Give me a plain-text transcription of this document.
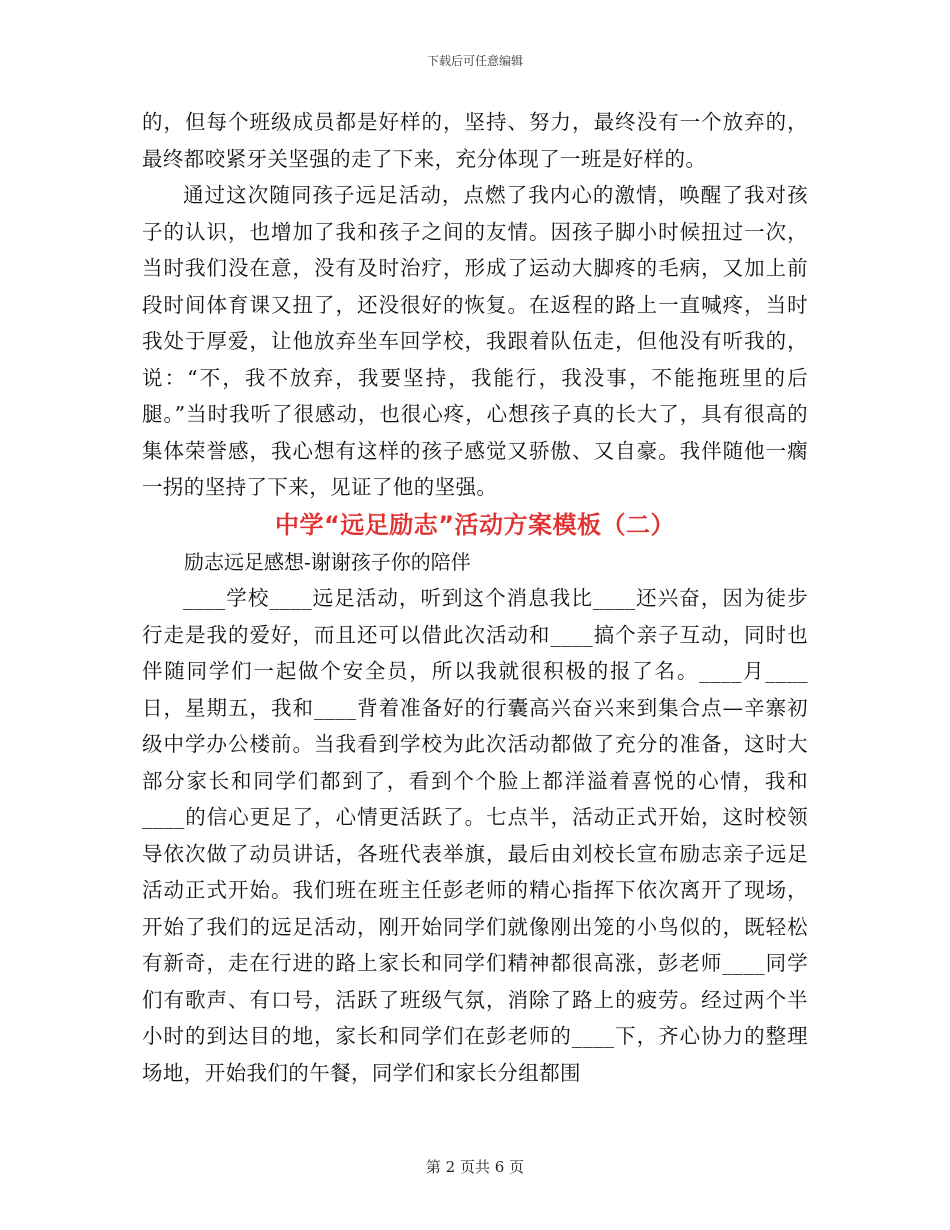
下载后可任意编辑

的，但每个班级成员都是好样的，坚持、努力，最终没有一个放弃的，最终都咬紧牙关坚强的走了下来，充分体现了一班是好样的。

通过这次随同孩子远足活动，点燃了我内心的激情，唤醒了我对孩子的认识，也增加了我和孩子之间的友情。因孩子脚小时候扭过一次，当时我们没在意，没有及时治疗，形成了运动大脚疼的毛病，又加上前段时间体育课又扭了，还没很好的恢复。在返程的路上一直喊疼，当时我处于厚爱，让他放弃坐车回学校，我跟着队伍走，但他没有听我的，说：“不，我不放弃，我要坚持，我能行，我没事，不能拖班里的后腿。”当时我听了很感动，也很心疼，心想孩子真的长大了，具有很高的集体荣誉感，我心想有这样的孩子感觉又骄傲、又自豪。我伴随他一瘸一拐的坚持了下来，见证了他的坚强。

中学“远足励志”活动方案模板（二）

励志远足感想-谢谢孩子你的陪伴

____学校____远足活动，听到这个消息我比____还兴奋，因为徒步行走是我的爱好，而且还可以借此次活动和____搞个亲子互动，同时也伴随同学们一起做个安全员，所以我就很积极的报了名。____月____日，星期五，我和____背着准备好的行囊高兴奋兴来到集合点—辛寨初级中学办公楼前。当我看到学校为此次活动都做了充分的准备，这时大部分家长和同学们都到了，看到个个脸上都洋溢着喜悦的心情，我和____的信心更足了，心情更活跃了。七点半，活动正式开始，这时校领导依次做了动员讲话，各班代表举旗，最后由刘校长宣布励志亲子远足活动正式开始。我们班在班主任彭老师的精心指挥下依次离开了现场，开始了我们的远足活动，刚开始同学们就像刚出笼的小鸟似的，既轻松有新奇，走在行进的路上家长和同学们精神都很高涨，彭老师____同学们有歌声、有口号，活跃了班级气氛，消除了路上的疲劳。经过两个半小时的到达目的地，家长和同学们在彭老师的____下，齐心协力的整理场地，开始我们的午餐，同学们和家长分组都围

第 2 页共 6 页
